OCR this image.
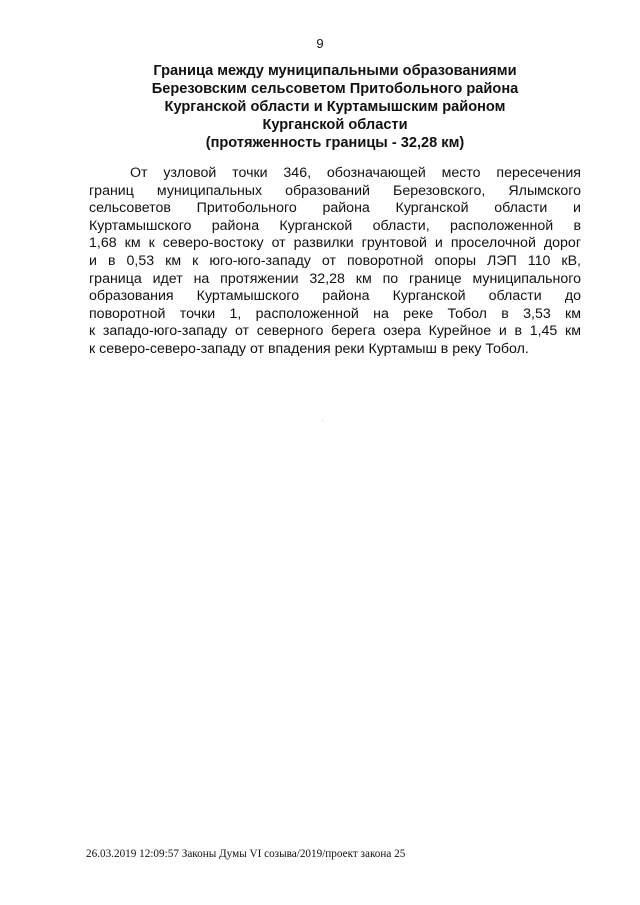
9
Граница между муниципальными образованиями
Березовским сельсоветом Притобольного района
Курганской области и Куртамышским районом
Курганской области
(протяженность границы - 32,28 км)
От узловой точки 346, обозначающей место пересечения
границ муниципальных образований Березовского, Ялымского
сельсоветов Притобольного района Курганской области и
Куртамышского района Курганской области, расположенной в
1,68 км к северо-востоку от развилки грунтовой и проселочной дорог
и в 0,53 км к юго-юго-западу от поворотной опоры ЛЭП 110 кВ,
граница идет на протяжении 32,28 км по границе муниципального
образования Куртамышского района Курганской области до
поворотной точки 1, расположенной на реке Тобол в 3,53 км
к западо-юго-западу от северного берега озера Курейное и в 1,45 км
к северо-северо-западу от впадения реки Куртамыш в реку Тобол.
26.03.2019 12:09:57 Законы Думы VI созыва/2019/проект закона 25
